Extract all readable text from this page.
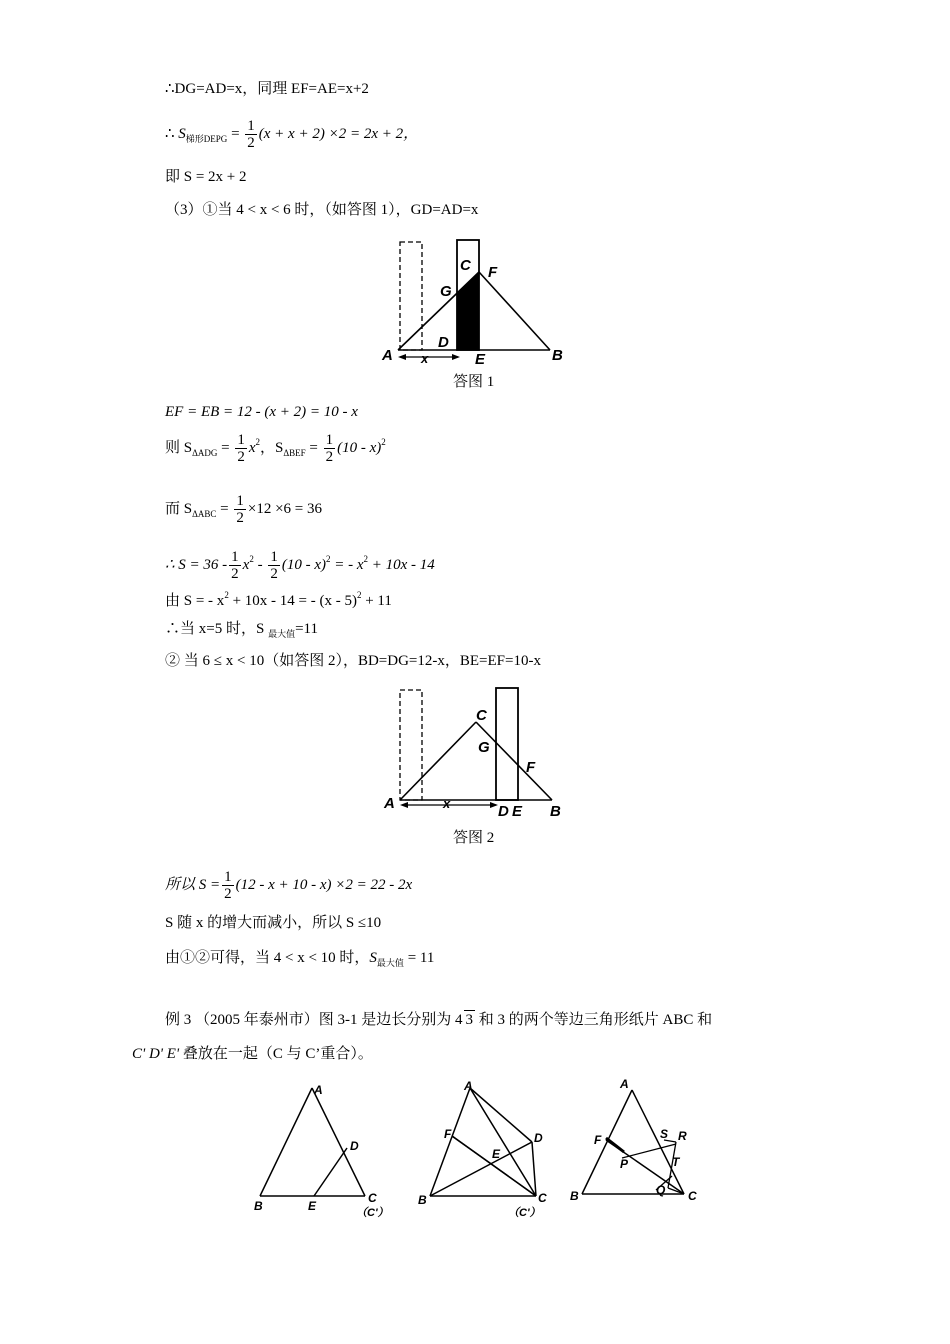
∴DG=AD=x，同理 EF=AE=x+2
∴ $S_{梯形DEPG} = \frac{1}{2} (x + x + 2) \times 2 = 2x + 2$，
即 S = 2x + 2
（3）①当 4 < x < 6 时，（如答图 1），GD=AD=x
A	B
C F
G
D
E
x
答图 1
EF = EB = 12 - (x + 2) = 10 - x
则 $S_{\Delta ADG} = \frac{1}{2} x^2$，$S_{\Delta BEF} = \frac{1}{2} (10 - x)^2$
而 $S_{\Delta ABC} = \frac{1}{2} \times 12 \times 6 = 36$
∴ $S = 36 - \frac{1}{2} x^2 - \frac{1}{2} (10 - x)^2$ = - $x^2 + 10x - 14$
由 S = - $x^2 + 10x - 14$ = - (x - 5)$^2$ + 11
∴当 x=5 时，S $_{最大值}$=11
② 当 6 ≤ x < 10（如答图 2），BD=DG=12-x，BE=EF=10-x
A	B
C
G
F
D E
x
答图 2
所以 $S = \frac{1}{2} (12 - x + 10 - x) \times 2 = 22 - 2x$
S 随 x 的增大而减小，所以 S ≤10
由①②可得，当 4 < x < 10 时，$S_{最大值} = 11$
例 3 （2005 年泰州市）图 3-1 是边长分别为 4 3 和 3 的两个等边三角形纸片 ABC 和
C' D' E' 叠放在一起（C 与 C’重合）。
A
D
B	E
C
（C'）
A
F	D
E
B	C
（C'）
A
F
P
S R
T
Q
B	C
